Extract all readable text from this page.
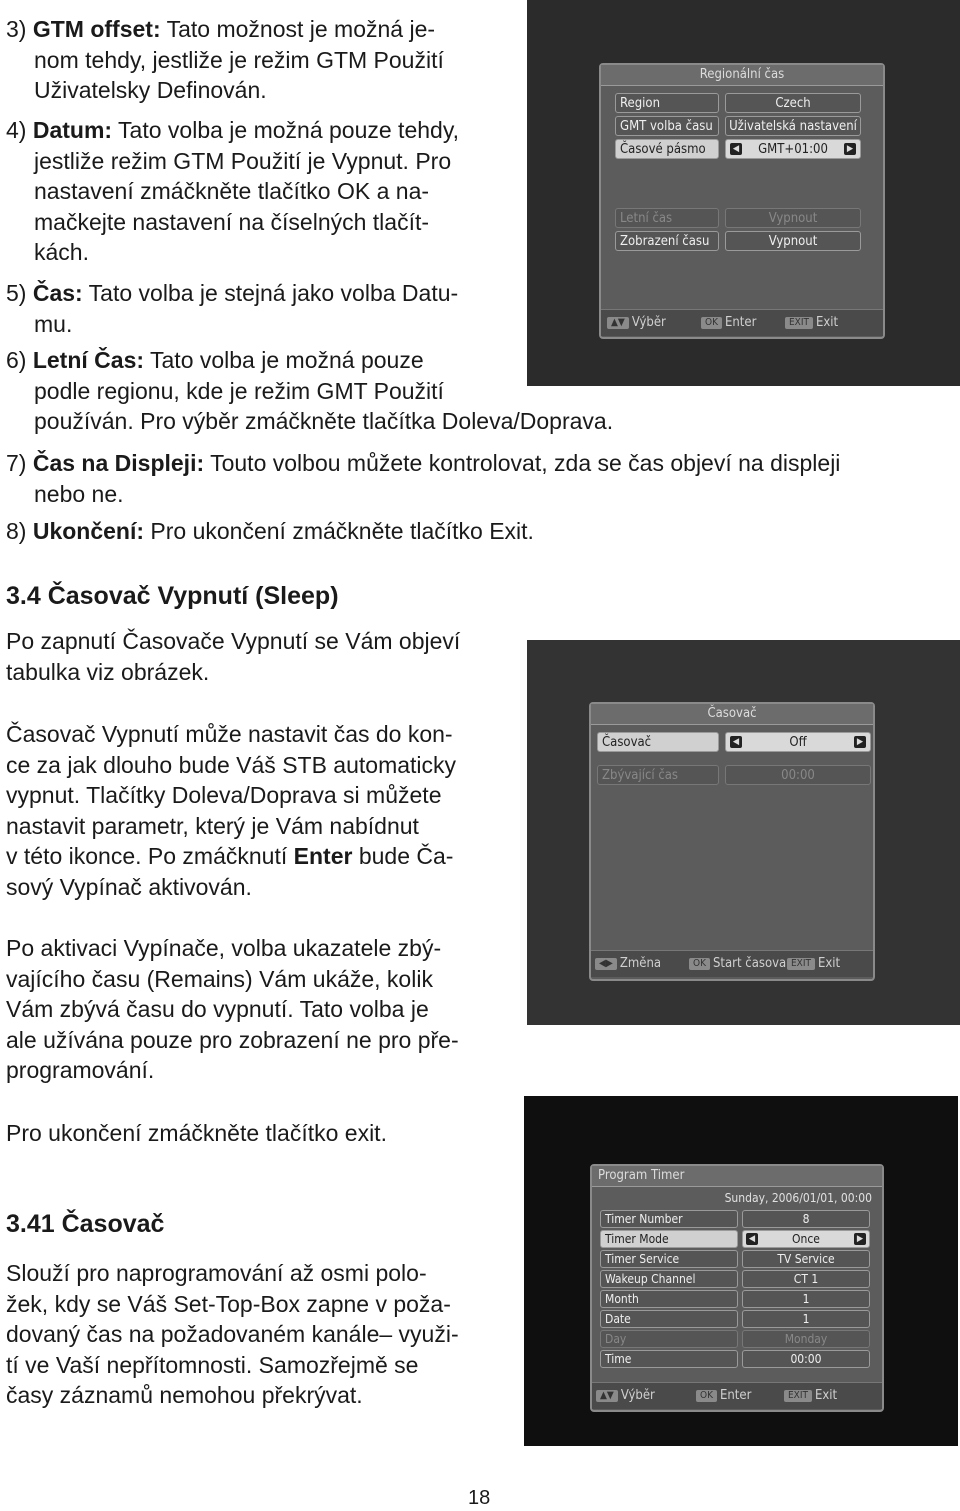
3) GTM offset: Tato možnost je možná je-
nom tehdy, jestliže je režim GTM Použití
Uživatelsky Definován.
4) Datum: Tato volba je možná pouze tehdy,
jestliže režim GTM Použití je Vypnut. Pro
nastavení zmáčkněte tlačítko OK a na-
mačkejte nastavení na číselných tlačít-
kách.
5) Čas: Tato volba je stejná jako volba Datu-
mu.
6) Letní Čas: Tato volba je možná pouze
podle regionu, kde je režim GMT Použití
používán. Pro výběr zmáčkněte tlačítka Doleva/Doprava.
7) Čas na Displeji: Touto volbou můžete kontrolovat, zda se čas objeví na displeji
nebo ne.
8) Ukončení: Pro ukončení zmáčkněte tlačítko Exit.
3.4 Časovač Vypnutí (Sleep)
Po zapnutí Časovače Vypnutí se Vám objeví
tabulka viz obrázek.
Časovač Vypnutí může nastavit čas do kon-
ce za jak dlouho bude Váš STB automaticky
vypnut. Tlačítky Doleva/Doprava si můžete
nastavit parametr, který je Vám nabídnut
v této ikonce. Po zmáčknutí Enter bude Ča-
sový Vypínač aktivován.
Po aktivaci Vypínače, volba ukazatele zbý-
vajícího času (Remains) Vám ukáže, kolik
Vám zbývá času do vypnutí. Tato volba je
ale užívána pouze pro zobrazení ne pro pře-
programování.
Pro ukončení zmáčkněte tlačítko exit.
3.41 Časovač
Slouží pro naprogramování až osmi polo-
žek, kdy se Váš Set-Top-Box zapne v poža-
dovaný čas na požadovaném kanále– využi-
tí ve Vaší nepřítomnosti. Samozřejmě se
časy záznamů nemohou překrývat.
Regionální čas
Region	Czech
GMT volba času	Uživatelská nastavení
Časové pásmo	◀ GMT+01:00	▶
Letní čas	Vypnout
Zobrazení času	Vypnout
▲▼ Výběr	OK Enter	EXIT Exit
Časovač
Časovač	◀	Off	▶
Zbývající čas	00:00
◀▶ Změna	OK Start časova EXIT Exit
Program Timer
Sunday, 2006/01/01, 00:00
Timer Number	8
Timer Mode	◀	Once	▶
Timer Service	TV Service
Wakeup Channel	CT 1
Month	1
Date	1
Day	Monday
Time	00:00
▲▼ Výběr	OK Enter	EXIT Exit
18
